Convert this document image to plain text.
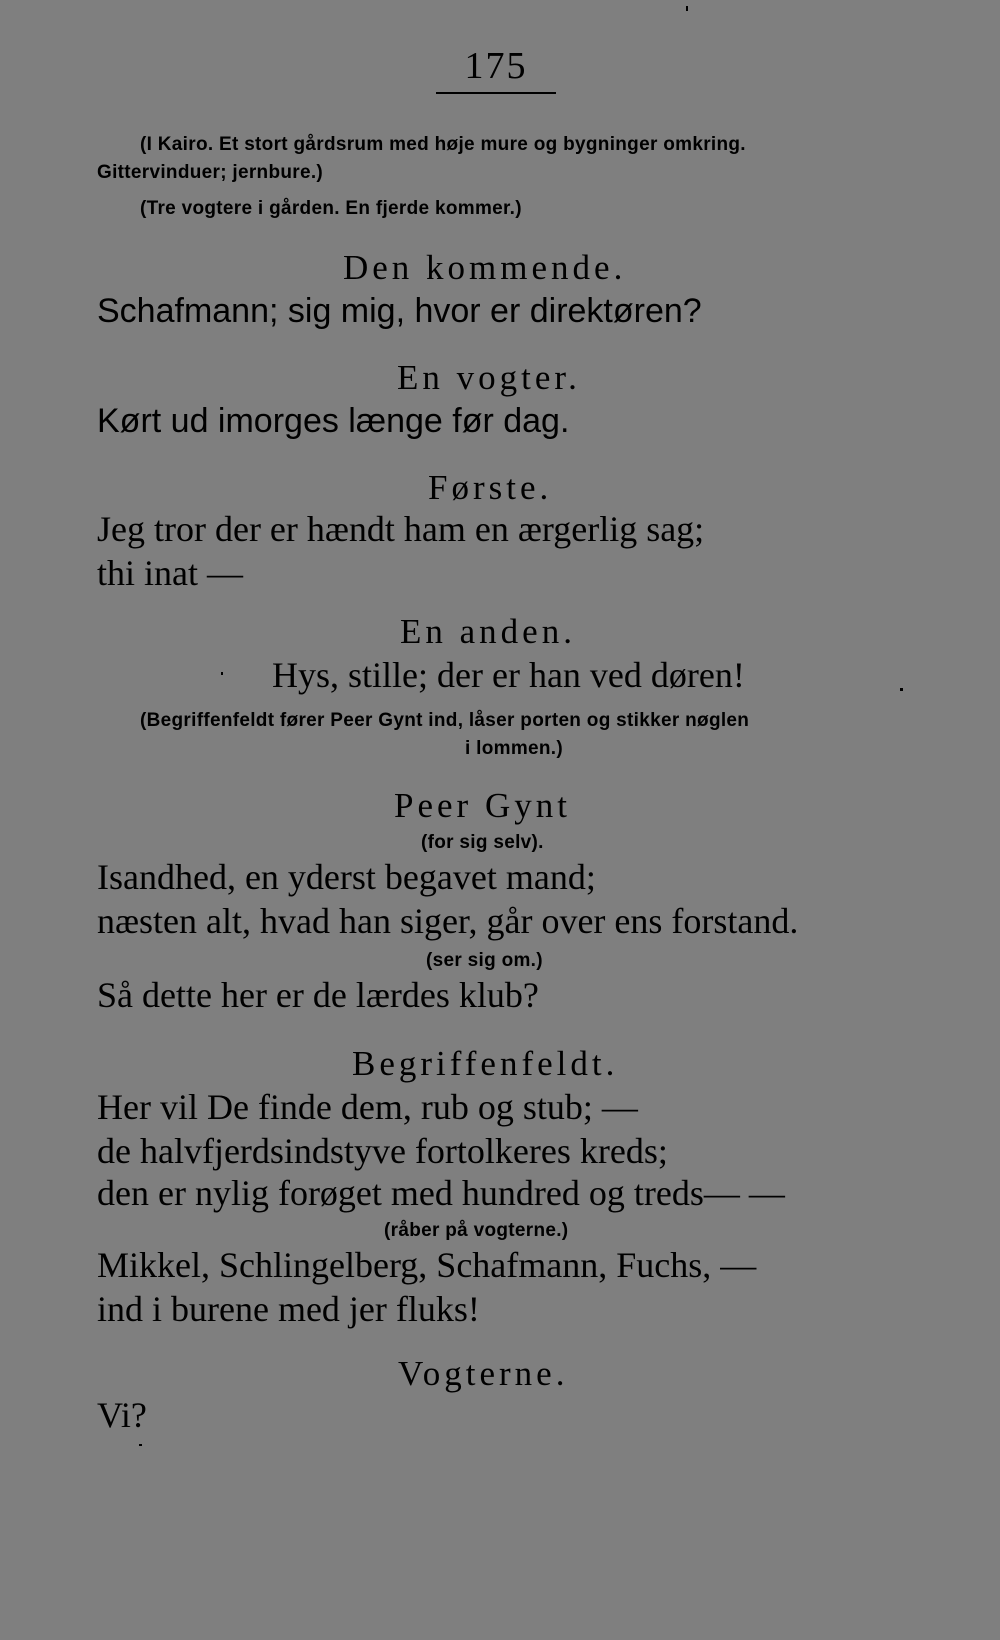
175
(I Kairo. Et stort gårdsrum med høje mure og bygninger omkring.
Gittervinduer; jernbure.)
(Tre vogtere i gården. En fjerde kommer.)
Den kommende.
Schafmann; sig mig, hvor er direktøren?
En vogter.
Kørt ud imorges længe før dag.
Første.
Jeg tror der er hændt ham en ærgerlig sag;
thi inat —
En anden.
Hys, stille; der er han ved døren!
(Begriffenfeldt fører Peer Gynt ind, låser porten og stikker nøglen
i lommen.)
Peer Gynt
(for sig selv).
Isandhed, en yderst begavet mand;
næsten alt, hvad han siger, går over ens forstand.
(ser sig om.)
Så dette her er de lærdes klub?
Begriffenfeldt.
Her vil De finde dem, rub og stub; —
de halvfjerdsindstyve fortolkeres kreds;
den er nylig forøget med hundred og treds— —
(råber på vogterne.)
Mikkel, Schlingelberg, Schafmann, Fuchs, —
ind i burene med jer fluks!
Vogterne.
Vi?
